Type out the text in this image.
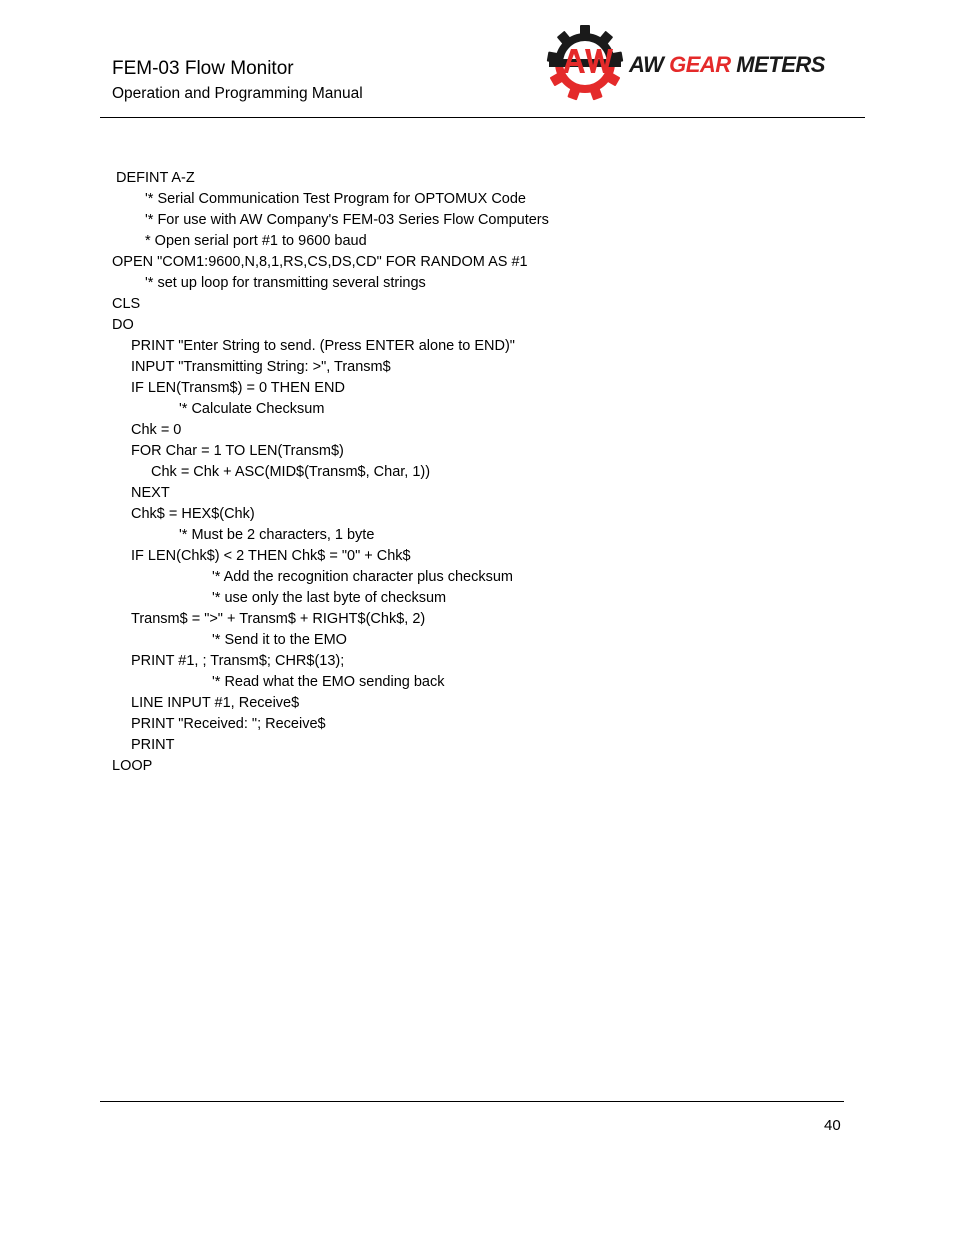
FEM-03 Flow Monitor
Operation and Programming Manual
AW GEAR METERS
DEFINT A-Z
'* Serial Communication Test Program for OPTOMUX Code
'* For use with AW Company's FEM-03 Series Flow Computers
* Open serial port #1 to 9600 baud
OPEN "COM1:9600,N,8,1,RS,CS,DS,CD" FOR RANDOM AS #1
'* set up loop for transmitting several strings
CLS
DO
PRINT "Enter String to send. (Press ENTER alone to END)"
INPUT "Transmitting String: >", Transm$
IF LEN(Transm$) = 0 THEN END
'* Calculate Checksum
Chk = 0
FOR Char = 1 TO LEN(Transm$)
Chk = Chk + ASC(MID$(Transm$, Char, 1))
NEXT
Chk$ = HEX$(Chk)
'* Must be 2 characters, 1 byte
IF LEN(Chk$) < 2 THEN Chk$ = "0" + Chk$
'* Add the recognition character plus checksum
'* use only the last byte of checksum
Transm$ = ">" + Transm$ + RIGHT$(Chk$, 2)
'* Send it to the EMO
PRINT #1, ; Transm$; CHR$(13);
'* Read what the EMO sending back
LINE INPUT #1, Receive$
PRINT "Received: "; Receive$
PRINT
LOOP
40
